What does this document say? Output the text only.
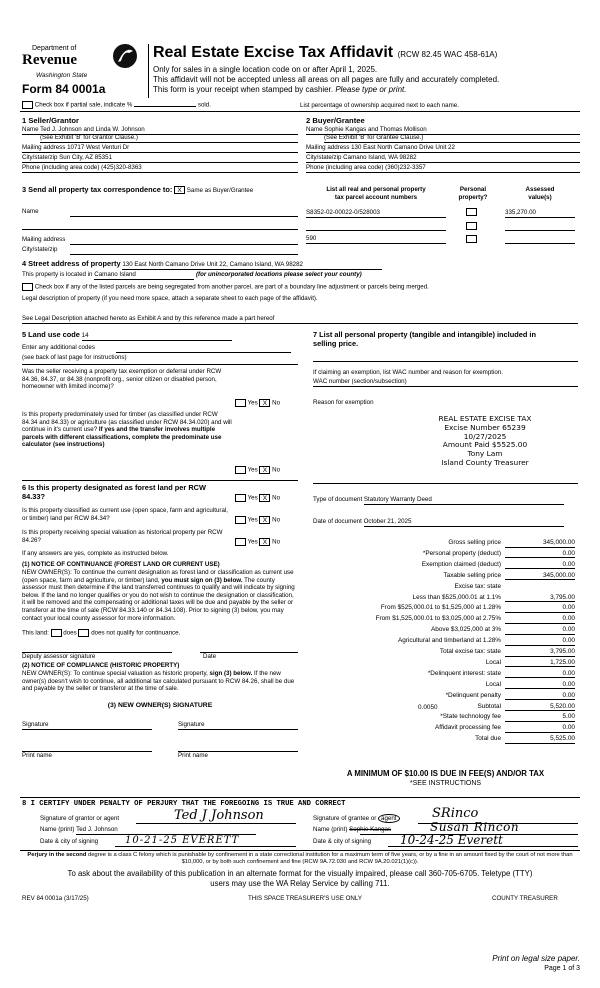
Department of
Revenue
Washington State
Form 84 0001a
Real Estate Excise Tax Affidavit (RCW 82.45 WAC 458-61A)
Only for sales in a single location code on or after April 1, 2025.
This affidavit will not be accepted unless all areas on all pages are fully and accurately completed.
This form is your receipt when stamped by cashier. Please type or print.
Check box if partial sale, indicate %	sold.	List percentage of ownership acquired next to each name.
1 Seller/Grantor
Name Ted J. Johnson and Linda W. Johnson
(See Exhibit 'B' for Grantor Clause.)
Mailing address 10717 West Venturi Dr
City/state/zip Sun City, AZ 85351
Phone (including area code) (425)320-8363
2 Buyer/Grantee
Name Sophie Kangas and Thomas Mollison
(See Exhibit 'B' for Grantee Clause.)
Mailing address 130 East North Camano Drive Unit 22
City/state/zip Camano Island, WA 98282
Phone (including area code) (360)232-3357
3 Send all property tax correspondence to: X Same as Buyer/Grantee
Name
Mailing address
City/state/zip
List all real and personal property
tax parcel account numbers
Personal
property?
Assessed
value(s)
S8352-02-00022-0/528003	335,270.00
590
4 Street address of property 130 East North Camano Drive Unit 22, Camano Island, WA 98282
This property is located in Camano Island	(for unincorporated locations please select your county)
Check box if any of the listed parcels are being segregated from another parcel, are part of a boundary line adjustment or parcels being merged.
Legal description of property (if you need more space, attach a separate sheet to each page of the affidavit).
See Legal Description attached hereto as Exhibit A and by this reference made a part hereof
5 Land use code 14
Enter any additional codes
(see back of last page for instructions)
Was the seller receiving a property tax exemption or deferral under RCW 84.36, 84.37, or 84.38 (nonprofit org., senior citizen or disabled person, homeowner with limited income)?
Yes X No
Is this property predominately used for timber (as classified under RCW 84.34 and 84.33) or agriculture (as classified under RCW 84.34.020) and will continue in it's current use? If yes and the transfer involves multiple parcels with different classifications, complete the predominate use calculator (see instructions)
Yes X No
6 Is this property designated as forest land per RCW 84.33?	Yes X No
Is this property classified as current use (open space, farm and agricultural, or timber) land per RCW 84.34?	Yes X No
Is this property receiving special valuation as historical property per RCW 84.26?	Yes X No
If any answers are yes, complete as instructed below.
(1) NOTICE OF CONTINUANCE (FOREST LAND OR CURRENT USE)
NEW OWNER(S): To continue the current designation as forest land or classification as current use (open space, farm and agriculture, or timber) land, you must sign on (3) below. The county assessor must then determine if the land transferred continues to qualify and will indicate by signing below. If the land no longer qualifies or you do not wish to continue the designation or classification, it will be removed and the compensating or additional taxes will be due and payable by the seller or transferor at the time of sale (RCW 84.33.140 or 84.34.108). Prior to signing (3) below, you may contact your local county assessor for more information.
This land: does does not qualify for continuance.
Deputy assessor signature	Date
(2) NOTICE OF COMPLIANCE (HISTORIC PROPERTY)
NEW OWNER(S): To continue special valuation as historic property, sign (3) below. If the new owner(s) doesn't wish to continue, all additional tax calculated pursuant to RCW 84.26, shall be due and payable by the seller or transferor at the time of sale.
(3) NEW OWNER(S) SIGNATURE
Signature	Signature
Print name	Print name
7 List all personal property (tangible and intangible) included in selling price.
If claiming an exemption, list WAC number and reason for exemption.
WAC number (section/subsection)
Reason for exemption
REAL ESTATE EXCISE TAX
Excise Number 65239
10/27/2025
Amount Paid $5525.00
Tony Lam
Island County Treasurer
Type of document Statutory Warranty Deed
Date of document October 21, 2025
Gross selling price	345,000.00
*Personal property (deduct)	0.00
Exemption claimed (deduct)	0.00
Taxable selling price	345,000.00
Excise tax: state
Less than $525,000.01 at 1.1%	3,795.00
From $525,000.01 to $1,525,000 at 1.28%	0.00
From $1,525,000.01 to $3,025,000 at 2.75%	0.00
Above $3,025,000 at 3%	0.00
Agricultural and timberland at 1.28%	0.00
Total excise tax: state	3,795.00
Local	1,725.00
*Delinquent interest: state	0.00
Local	0.00
*Delinquent penalty	0.00
Subtotal	5,520.00
*State technology fee	5.00
Affidavit processing fee	0.00
Total due	5,525.00
0.0050
A MINIMUM OF $10.00 IS DUE IN FEE(S) AND/OR TAX
*SEE INSTRUCTIONS
8 I CERTIFY UNDER PENALTY OF PERJURY THAT THE FOREGOING IS TRUE AND CORRECT
Signature of grantor or agent	Ted J Johnson
Name (print) Ted J. Johnson
Date & city of signing	10-21-25 EVERETT
Signature of grantee or agent	SRinco
Name (print) Sophie Kangas	Susan Rincon
Date & city of signing 10-24-25 Everett
Perjury in the second degree is a class C felony which is punishable by confinement in a state correctional institution for a maximum term of five years, or by a fine in an amount fixed by the court of not more than $10,000, or by both such confinement and fine (RCW 9A.72.030 and RCW 9A.20.021(1)(c)).
To ask about the availability of this publication in an alternate format for the visually impaired, please call 360-705-6705. Teletype (TTY) users may use the WA Relay Service by calling 711.
REV 84 0001a (3/17/25)	THIS SPACE TREASURER'S USE ONLY	COUNTY TREASURER
Print on legal size paper.
Page 1 of 3
